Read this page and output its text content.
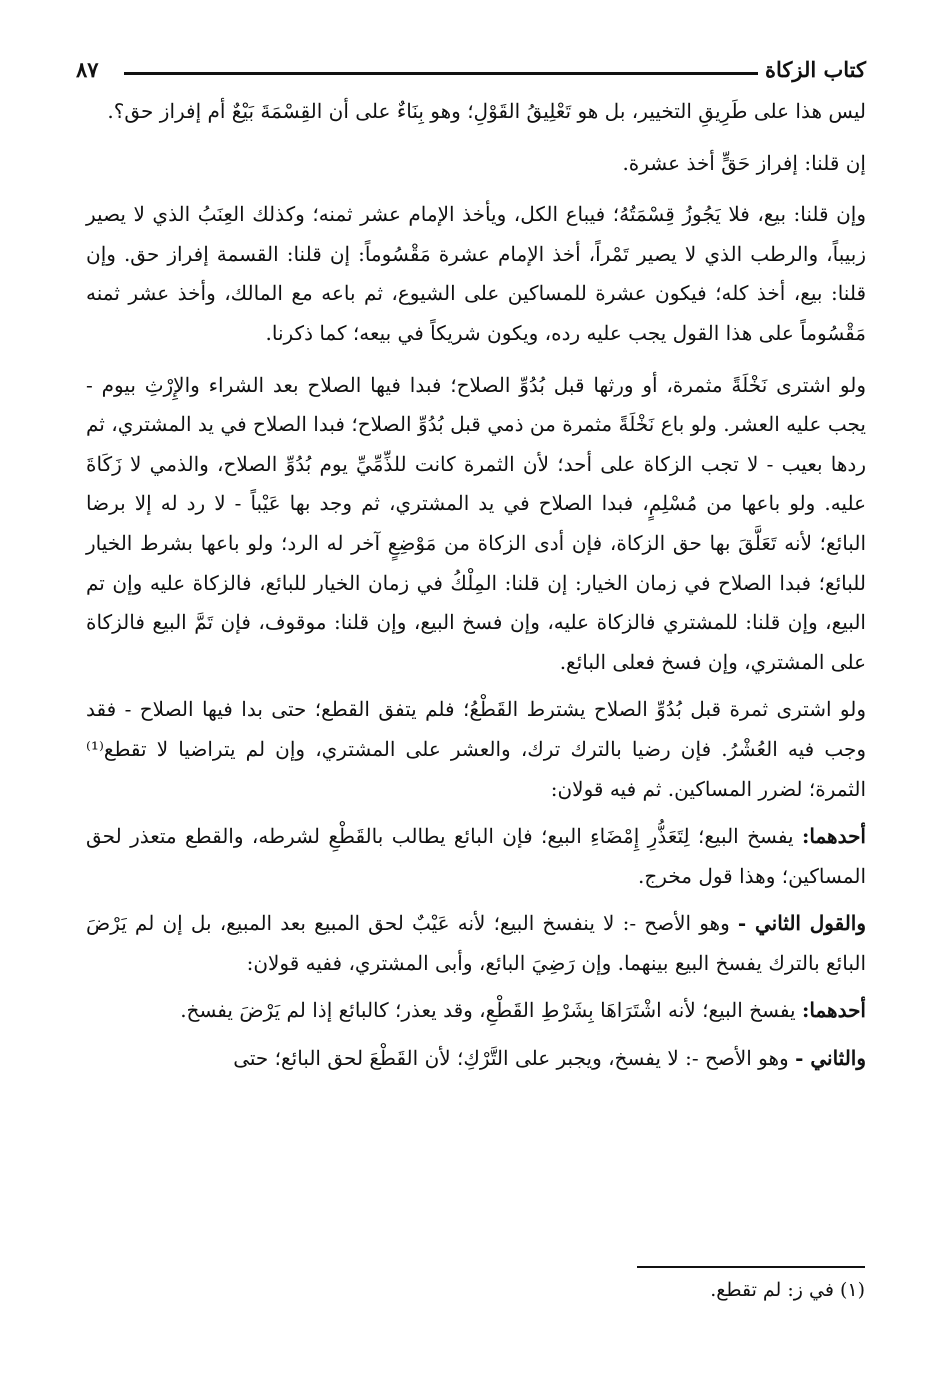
كتاب الزكاة
٨٧

ليس هذا على طَرِيقِ التخيير، بل هو تَعْلِيقُ القَوْلِ؛ وهو بِنَاءٌ على أن القِسْمَةَ بَيْعٌ أم إفراز حق؟.

إن قلنا: إفراز حَقٍّ أخذ عشرة.

وإن قلنا: بيع، فلا يَجُوزُ قِسْمَتُهُ؛ فيباع الكل، ويأخذ الإمام عشر ثمنه؛ وكذلك العِنَبُ الذي لا يصير زبيباً، والرطب الذي لا يصير تَمْراً، أخذ الإمام عشرة مَقْسُوماً: إن قلنا: القسمة إفراز حق. وإن قلنا: بيع، أخذ كله؛ فيكون عشرة للمساكين على الشيوع، ثم باعه مع المالك، وأخذ عشر ثمنه مَقْسُوماً على هذا القول يجب عليه رده، ويكون شريكاً في بيعه؛ كما ذكرنا.

ولو اشترى نَخْلَةً مثمرة، أو ورثها قبل بُدُوِّ الصلاح؛ فبدا فيها الصلاح بعد الشراء والإِرْثِ بيوم - يجب عليه العشر. ولو باع نَخْلَةً مثمرة من ذمي قبل بُدُوِّ الصلاح؛ فبدا الصلاح في يد المشتري، ثم ردها بعيب - لا تجب الزكاة على أحد؛ لأن الثمرة كانت للذِّمِّيِّ يوم بُدُوِّ الصلاح، والذمي لا زَكَاةَ عليه. ولو باعها من مُسْلِمٍ، فبدا الصلاح في يد المشتري، ثم وجد بها عَيْباً - لا رد له إلا برضا البائع؛ لأنه تَعَلَّقَ بها حق الزكاة، فإن أدى الزكاة من مَوْضِعٍ آخر له الرد؛ ولو باعها بشرط الخيار للبائع؛ فبدا الصلاح في زمان الخيار: إن قلنا: المِلْكُ في زمان الخيار للبائع، فالزكاة عليه وإن تم البيع، وإن قلنا: للمشتري فالزكاة عليه، وإن فسخ البيع، وإن قلنا: موقوف، فإن تَمَّ البيع فالزكاة على المشتري، وإن فسخ فعلى البائع.

ولو اشترى ثمرة قبل بُدُوِّ الصلاح يشترط القَطْعُ؛ فلم يتفق القطع؛ حتى بدا فيها الصلاح - فقد وجب فيه العُشْرُ. فإن رضيا بالترك ترك، والعشر على المشتري، وإن لم يتراضيا لا تقطع⁽¹⁾ الثمرة؛ لضرر المساكين. ثم فيه قولان:

أحدهما: يفسخ البيع؛ لِتَعَذُّرِ إِمْضَاءِ البيع؛ فإن البائع يطالب بالقَطْعِ لشرطه، والقطع متعذر لحق المساكين؛ وهذا قول مخرج.

والقول الثاني - وهو الأصح -: لا ينفسخ البيع؛ لأنه عَيْبٌ لحق المبيع بعد المبيع، بل إن لم يَرْضَ البائع بالترك يفسخ البيع بينهما. وإن رَضِيَ البائع، وأبى المشتري، ففيه قولان:

أحدهما: يفسخ البيع؛ لأنه اشْتَرَاهَا بِشَرْطِ القَطْعِ، وقد يعذر؛ كالبائع إذا لم يَرْضَ يفسخ.

والثاني - وهو الأصح -: لا يفسخ، ويجبر على التَّرْكِ؛ لأن القَطْعَ لحق البائع؛ حتى

(١) في ز: لم تقطع.
